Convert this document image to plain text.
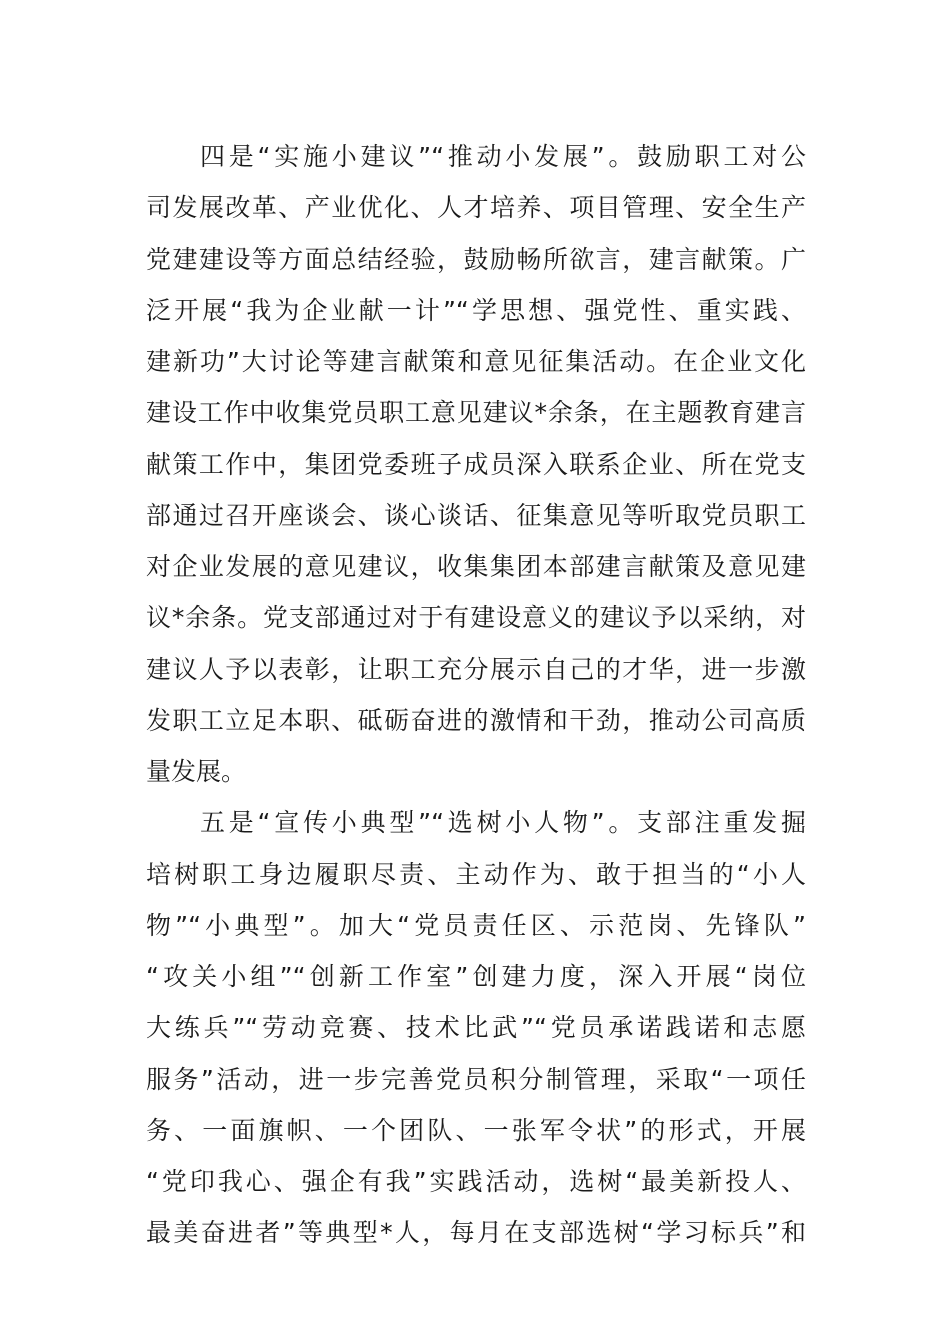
四是“实施小建议”“推动小发展”。鼓励职工对公
司发展改革、产业优化、人才培养、项目管理、安全生产
党建建设等方面总结经验，鼓励畅所欲言，建言献策。广
泛开展“我为企业献一计”“学思想、强党性、重实践、
建新功”大讨论等建言献策和意见征集活动。在企业文化
建设工作中收集党员职工意见建议*余条，在主题教育建言
献策工作中，集团党委班子成员深入联系企业、所在党支
部通过召开座谈会、谈心谈话、征集意见等听取党员职工
对企业发展的意见建议，收集集团本部建言献策及意见建
议*余条。党支部通过对于有建设意义的建议予以采纳，对
建议人予以表彰，让职工充分展示自己的才华，进一步激
发职工立足本职、砥砺奋进的激情和干劲，推动公司高质
量发展。
五是“宣传小典型”“选树小人物”。支部注重发掘
培树职工身边履职尽责、主动作为、敢于担当的“小人
物”“小典型”。加大“党员责任区、示范岗、先锋队”
“攻关小组”“创新工作室”创建力度，深入开展“岗位
大练兵”“劳动竞赛、技术比武”“党员承诺践诺和志愿
服务”活动，进一步完善党员积分制管理，采取“一项任
务、一面旗帜、一个团队、一张军令状”的形式，开展
“党印我心、强企有我”实践活动，选树“最美新投人、
最美奋进者”等典型*人，每月在支部选树“学习标兵”和
